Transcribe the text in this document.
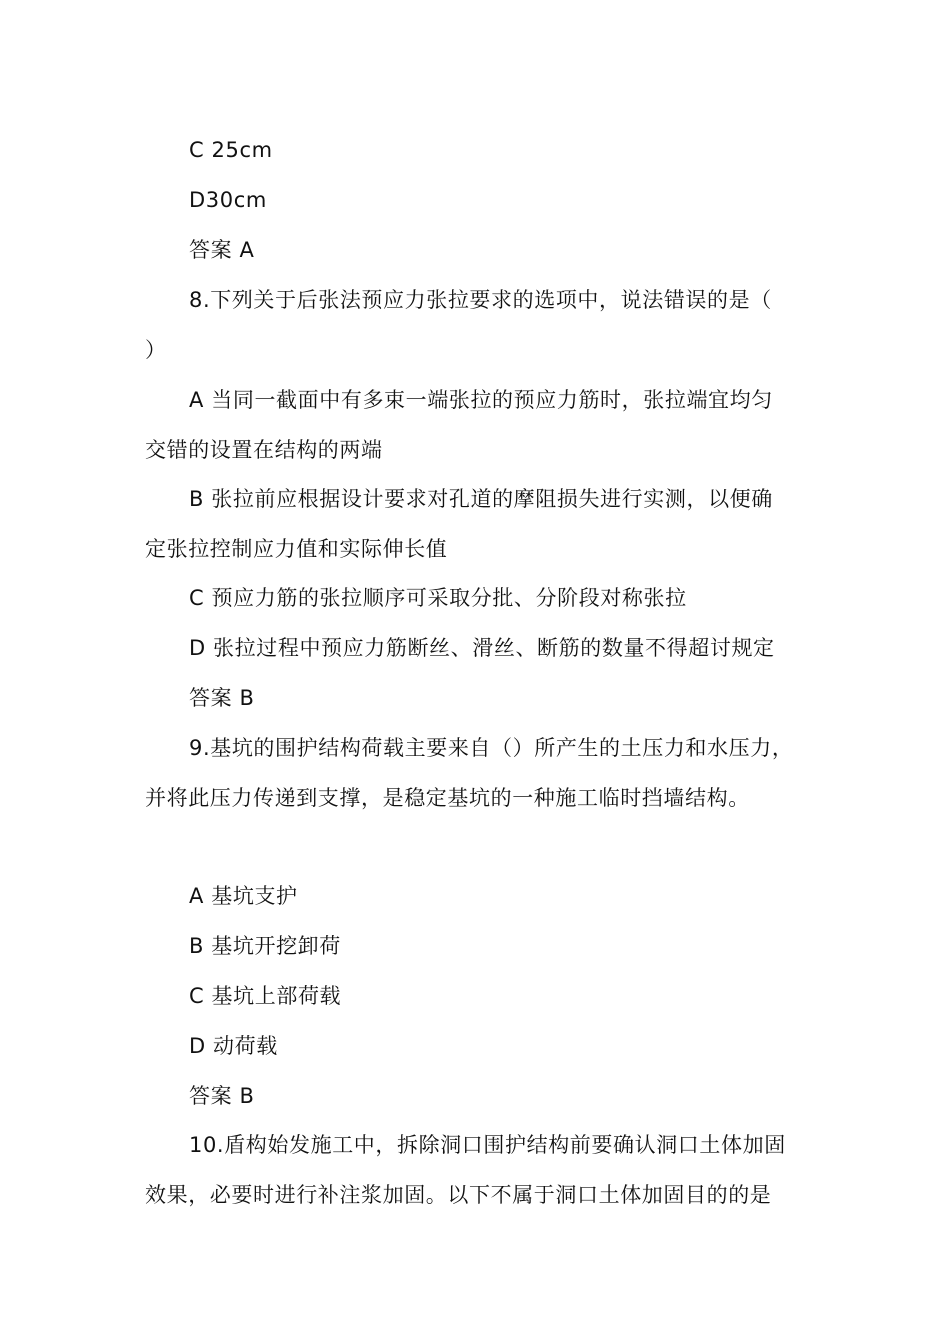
C 25cm
D30cm
答案 A
8.下列关于后张法预应力张拉要求的选项中，说法错误的是（
）
A 当同一截面中有多束一端张拉的预应力筋时，张拉端宜均匀
交错的设置在结构的两端
B 张拉前应根据设计要求对孔道的摩阻损失进行实测，以便确
定张拉控制应力值和实际伸长值
C 预应力筋的张拉顺序可采取分批、分阶段对称张拉
D 张拉过程中预应力筋断丝、滑丝、断筋的数量不得超讨规定
答案 B
9.基坑的围护结构荷载主要来自（）所产生的土压力和水压力，
并将此压力传递到支撑，是稳定基坑的一种施工临时挡墙结构。
A 基坑支护
B 基坑开挖卸荷
C 基坑上部荷载
D 动荷载
答案 B
10.盾构始发施工中，拆除洞口围护结构前要确认洞口土体加固
效果，必要时进行补注浆加固。以下不属于洞口土体加固目的的是
